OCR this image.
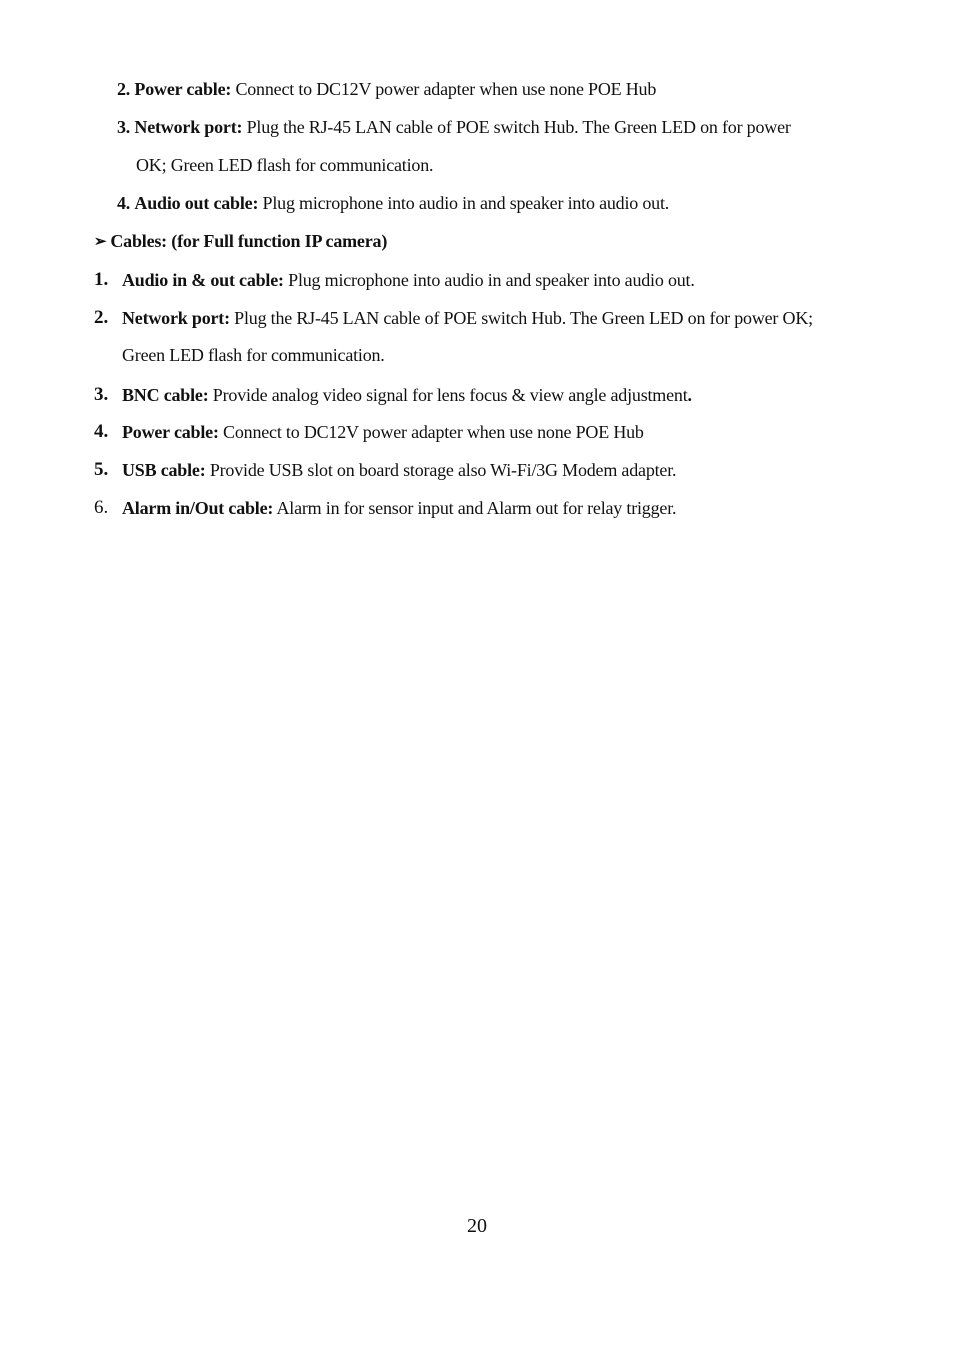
2. Power cable: Connect to DC12V power adapter when use none POE Hub
3. Network port: Plug the RJ-45 LAN cable of POE switch Hub. The Green LED on for power
OK; Green LED flash for communication.
4. Audio out cable: Plug microphone into audio in and speaker into audio out.
➢ Cables: (for Full function IP camera)
1. Audio in & out cable: Plug microphone into audio in and speaker into audio out.
2. Network port: Plug the RJ-45 LAN cable of POE switch Hub. The Green LED on for power OK;
Green LED flash for communication.
3. BNC cable: Provide analog video signal for lens focus & view angle adjustment.
4. Power cable: Connect to DC12V power adapter when use none POE Hub
5. USB cable: Provide USB slot on board storage also Wi-Fi/3G Modem adapter.
6. Alarm in/Out cable: Alarm in for sensor input and Alarm out for relay trigger.
20
